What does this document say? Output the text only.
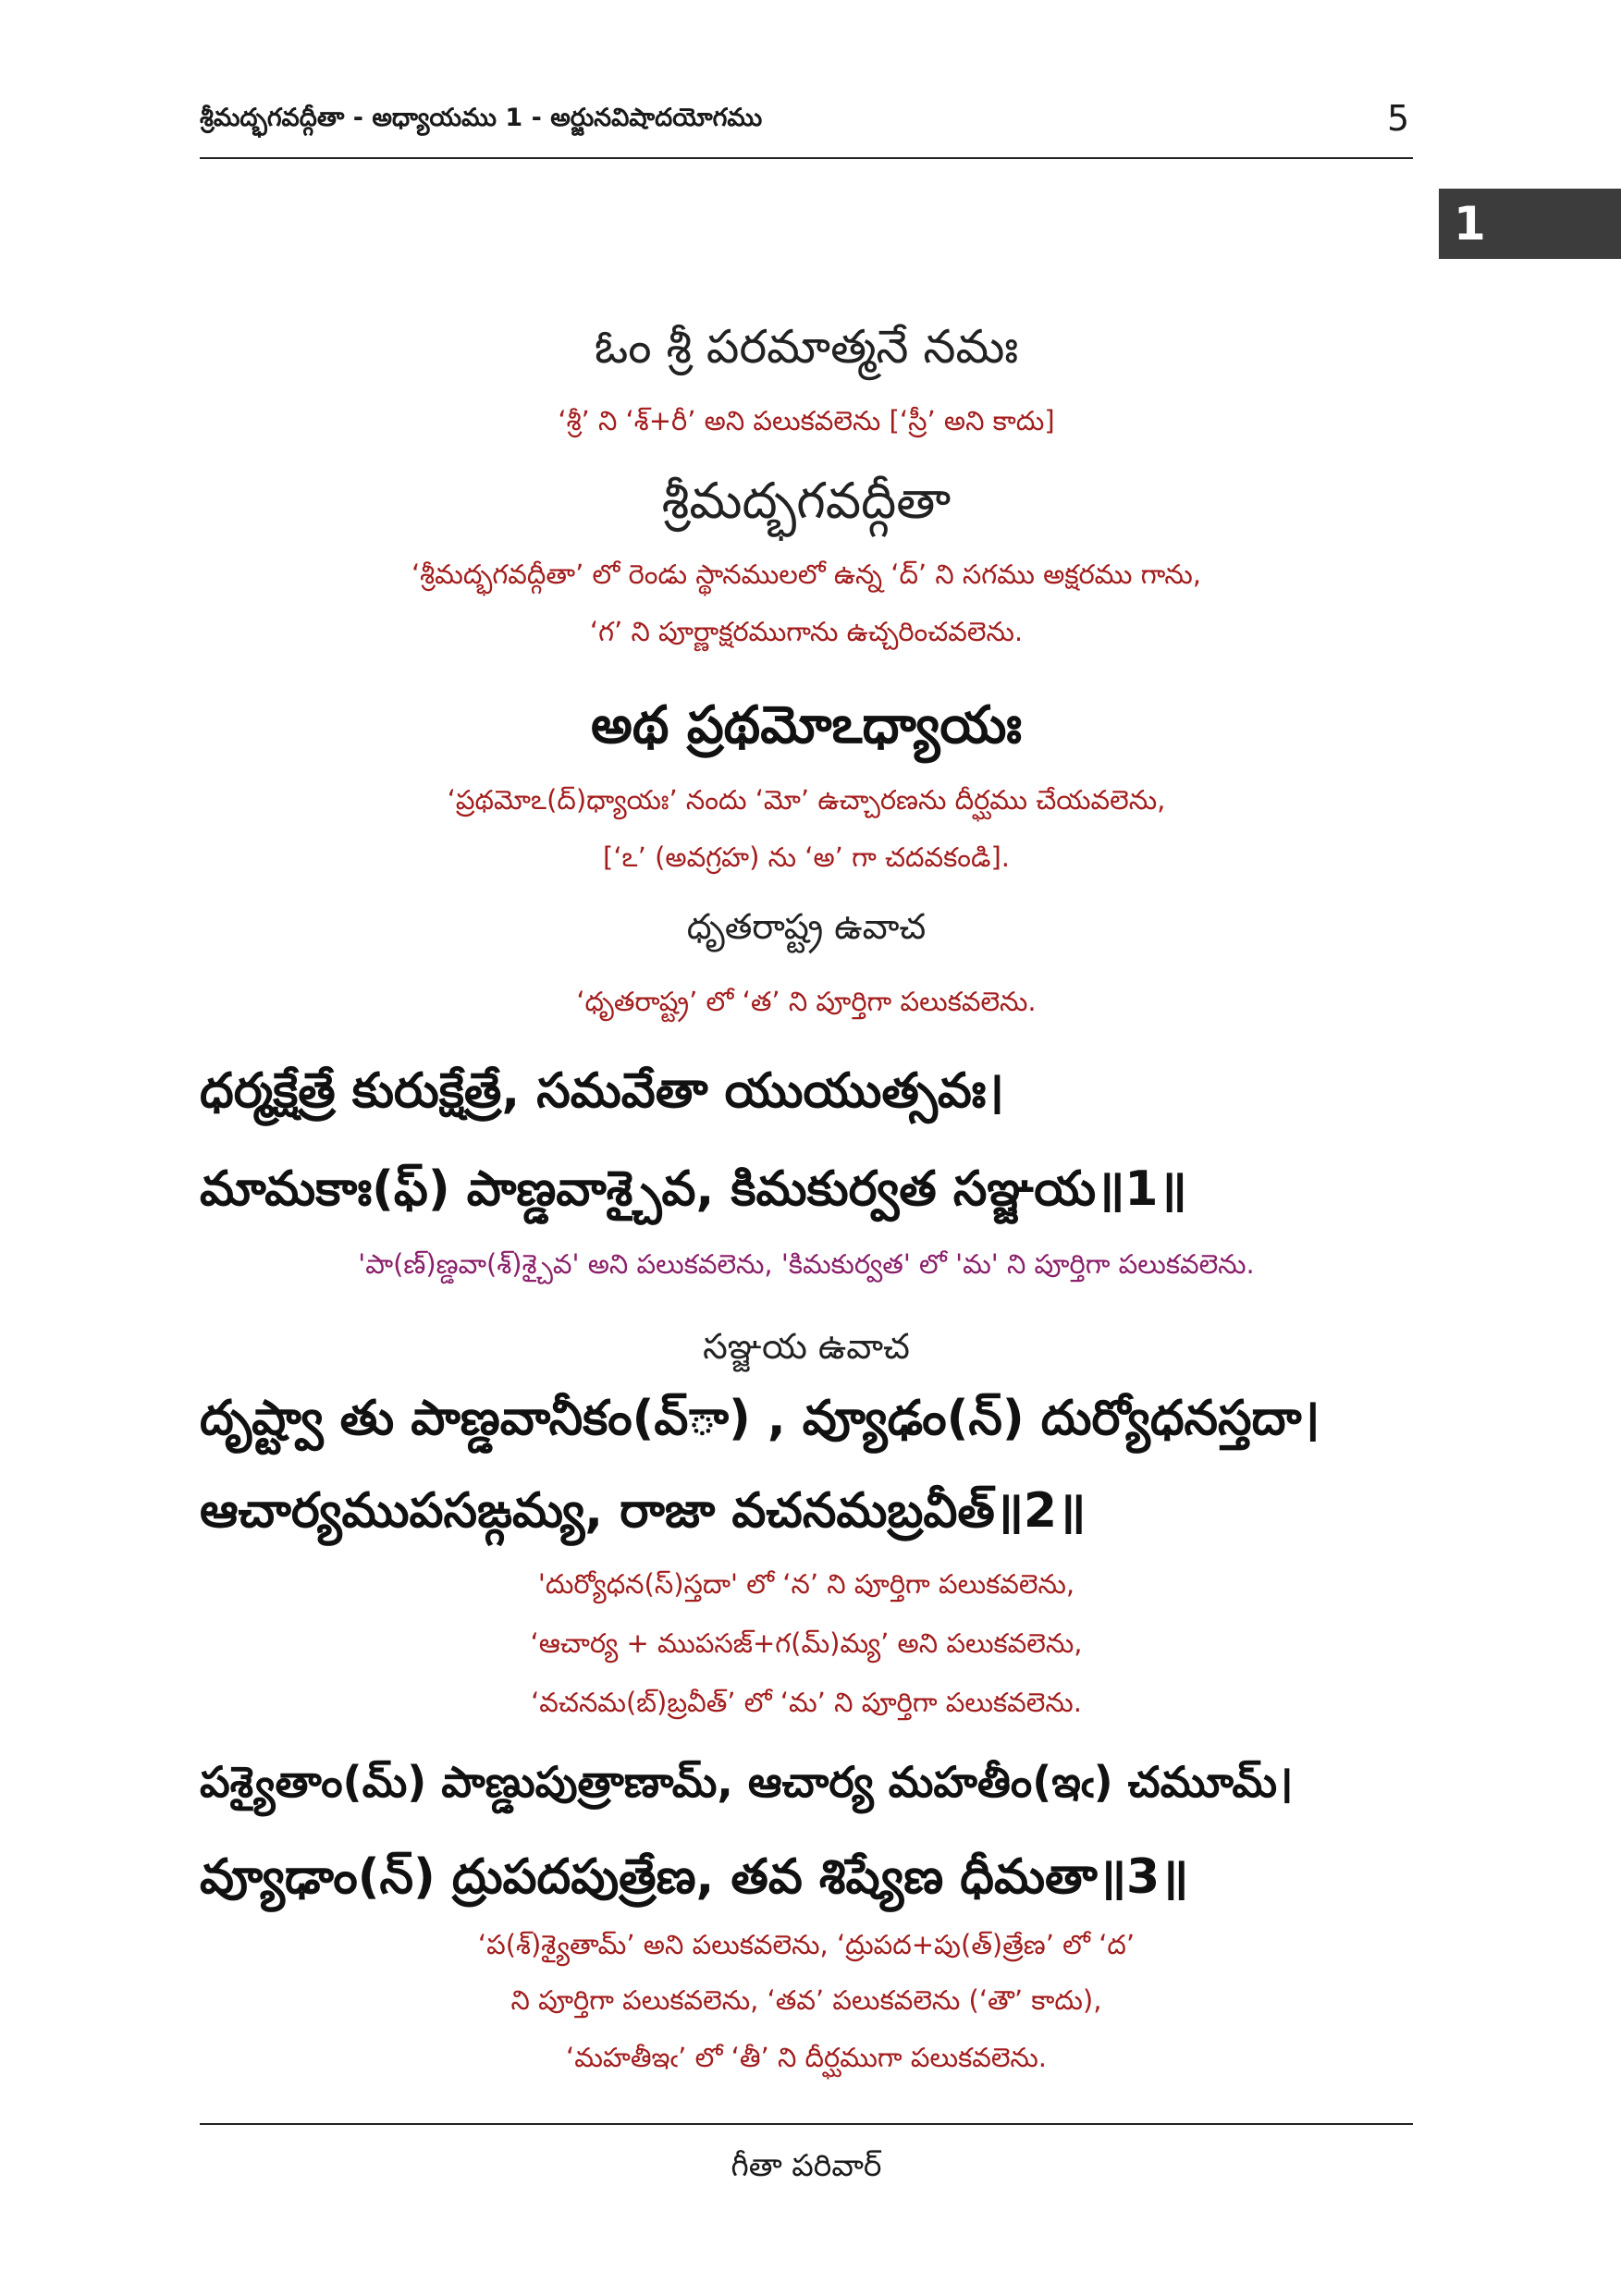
శ్రీమద్భగవద్గీతా - అధ్యాయము 1 - అర్జునవిషాదయోగము	5
1
ఓం శ్రీ పరమాత్మనే నమః
‘శ్రీ’ ని ‘శ్+రీ’ అని పలుకవలెను [‘స్రీ’ అని కాదు]
శ్రీమద్భగవద్గీతా
‘శ్రీమద్భగవద్గీతా’ లో రెండు స్థానములలో ఉన్న ‘ద్’ ని సగము అక్షరము గాను,
‘గ’ ని పూర్ణాక్షరముగాను ఉచ్చరించవలెను.
అథ ప్రథమోఽధ్యాయః
‘ప్రథమోఽ(ద్)ధ్యాయః’ నందు ‘మో’ ఉచ్చారణను దీర్ఘము చేయవలెను,
[‘ఽ’ (అవగ్రహ) ను ‘అ’ గా చదవకండి].
ధృతరాష్ట్ర ఉవాచ
‘ధృతరాష్ట్ర’ లో ‘త’ ని పూర్తిగా పలుకవలెను.
ధర్మక్షేత్రే కురుక్షేత్రే, సమవేతా యుయుత్సవః।
మామకాః(ఫ్) పాణ్డవాశ్చైవ, కిమకుర్వత సఞ్జయ॥1॥
'పా(ణ్)ణ్డవా(శ్)శ్చైవ' అని పలుకవలెను, 'కిమకుర్వత' లో 'మ' ని పూర్తిగా పలుకవలెను.
సఞ్జయ ఉవాచ
దృష్ట్వా తు పాణ్డవానీకం(వ్ా) , వ్యూఢం(న్) దుర్యోధనస్తదా।
ఆచార్యముపసఙ్గమ్య, రాజా వచనమబ్రవీత్॥2॥
'దుర్యోధన(స్)స్తదా' లో ‘న’ ని పూర్తిగా పలుకవలెను,
‘ఆచార్య + ముపసజ్+గ(మ్)మ్య’ అని పలుకవలెను,
‘వచనమ(బ్)బ్రవీత్’ లో ‘మ’ ని పూర్తిగా పలుకవలెను.
పశ్యైతాం(మ్) పాణ్డుపుత్రాణామ్, ఆచార్య మహతీం(ఇఁ) చమూమ్।
వ్యూఢాం(న్) ద్రుపదపుత్రేణ, తవ శిష్యేణ ధీమతా॥3॥
‘ప(శ్)శ్యైతామ్’ అని పలుకవలెను, ‘ద్రుపద+పు(త్)త్రేణ’ లో ‘ద’
ని పూర్తిగా పలుకవలెను, ‘తవ’ పలుకవలెను (‘తౌ’ కాదు),
‘మహతీఇఁ’ లో ‘తీ’ ని దీర్ఘముగా పలుకవలెను.
గీతా పరివార్
